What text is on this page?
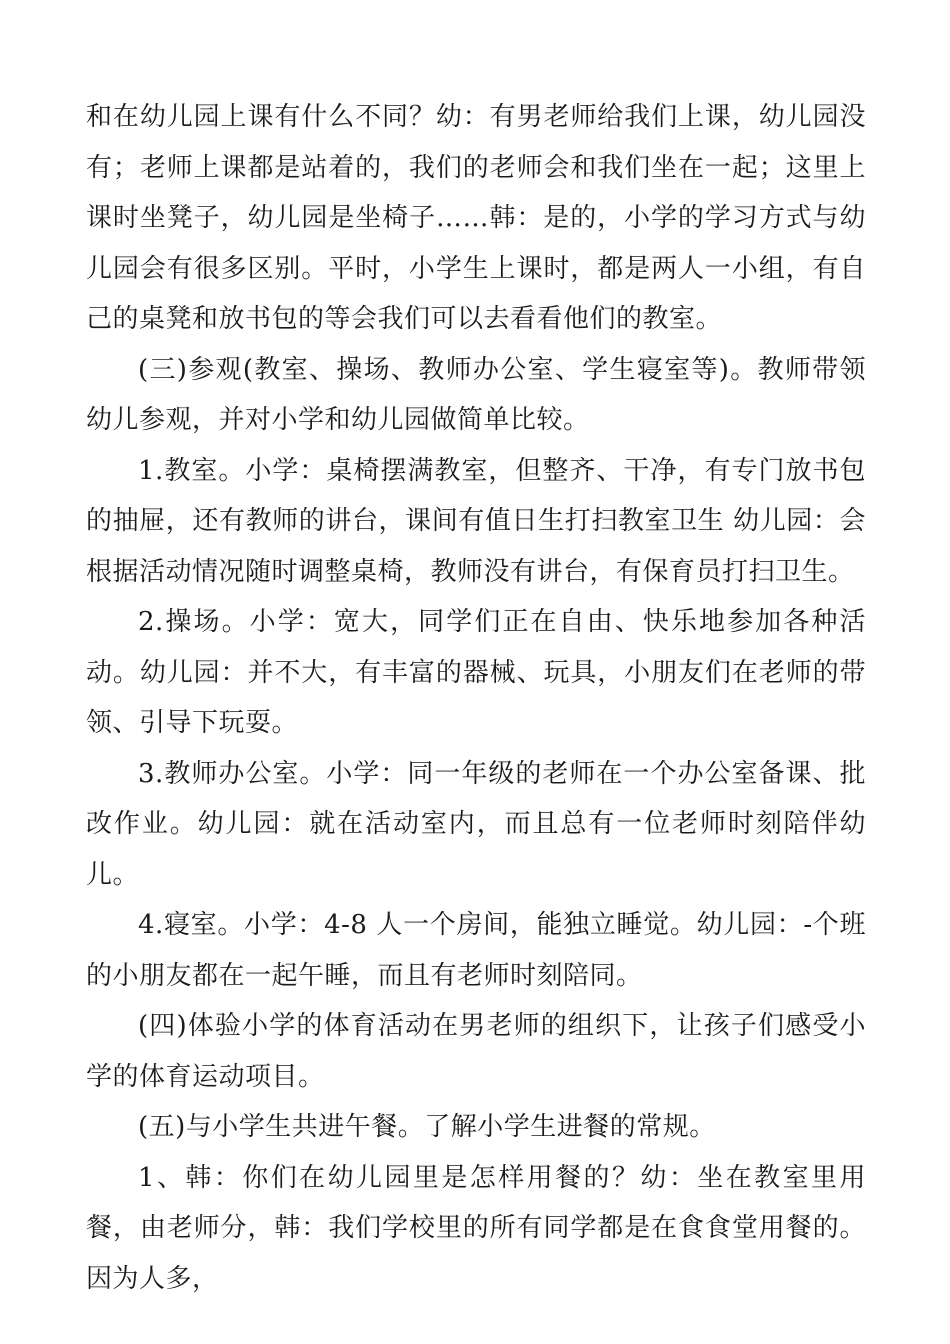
和在幼儿园上课有什么不同？幼：有男老师给我们上课，幼儿园没有；老师上课都是站着的，我们的老师会和我们坐在一起；这里上课时坐凳子，幼儿园是坐椅子……韩：是的，小学的学习方式与幼儿园会有很多区别。平时，小学生上课时，都是两人一小组，有自己的桌凳和放书包的等会我们可以去看看他们的教室。

(三)参观(教室、操场、教师办公室、学生寝室等)。教师带领幼儿参观，并对小学和幼儿园做简单比较。

1.教室。小学：桌椅摆满教室，但整齐、干净，有专门放书包的抽屉，还有教师的讲台，课间有值日生打扫教室卫生 幼儿园：会根据活动情况随时调整桌椅，教师没有讲台，有保育员打扫卫生。

2.操场。小学：宽大，同学们正在自由、快乐地参加各种活动。幼儿园：并不大，有丰富的器械、玩具，小朋友们在老师的带领、引导下玩耍。

3.教师办公室。小学：同一年级的老师在一个办公室备课、批改作业。幼儿园：就在活动室内，而且总有一位老师时刻陪伴幼儿。

4.寝室。小学：4-8 人一个房间，能独立睡觉。幼儿园：-个班的小朋友都在一起午睡，而且有老师时刻陪同。

(四)体验小学的体育活动在男老师的组织下，让孩子们感受小学的体育运动项目。

(五)与小学生共进午餐。了解小学生进餐的常规。

1、韩：你们在幼儿园里是怎样用餐的？幼：坐在教室里用餐，由老师分，韩：我们学校里的所有同学都是在食食堂用餐的。因为人多，
